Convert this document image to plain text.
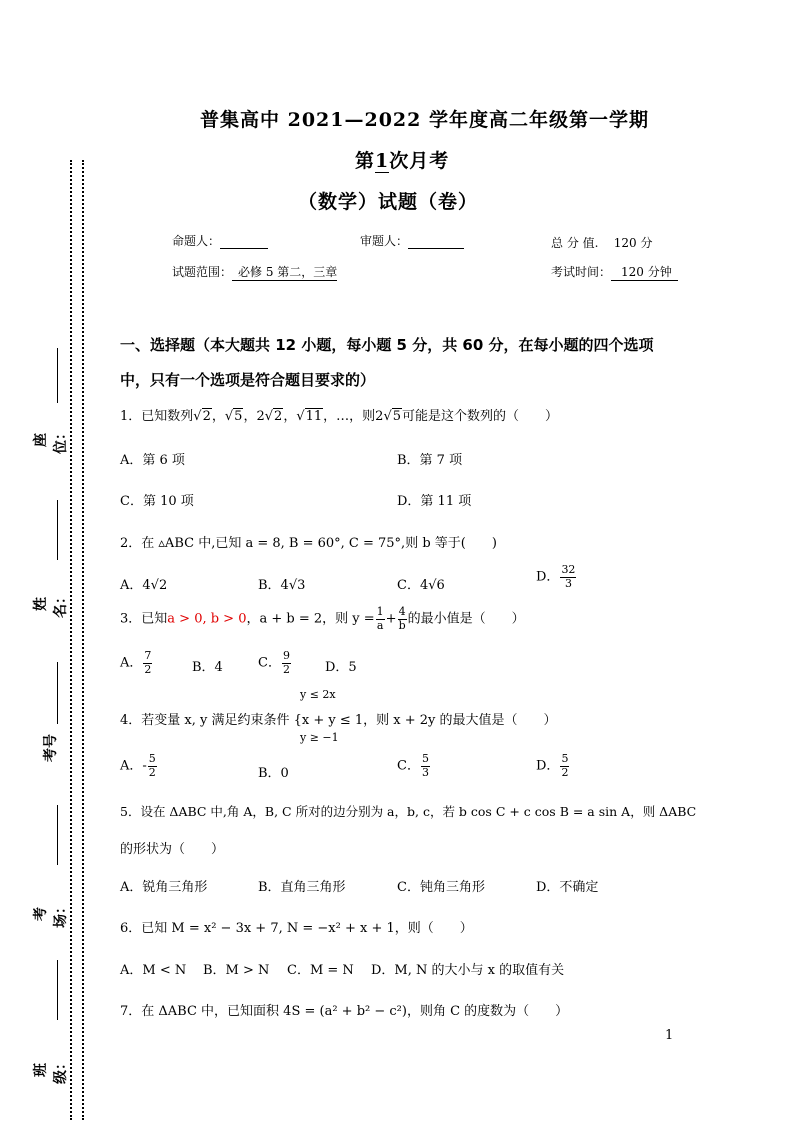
座位：
姓名：
考号
考场：
班级：
普集高中 2021—2022 学年度高二年级第一学期
第1次月考
（数学）试题（卷）
命题人：	审题人：	总 分 值. 120 分
试题范围： 必修 5 第二，三章	考试时间： 120 分钟
一、选择题（本大题共 12 小题，每小题 5 分，共 60 分，在每小题的四个选项
中，只有一个选项是符合题目要求的）
1．已知数列√2，√5，2√2，√11，…，则2√5可能是这个数列的（　　）
A．第 6 项	B．第 7 项
C．第 10 项	D．第 11 项
2．在 ▵ABC 中,已知 a = 8, B = 60°, C = 75°,则 b 等于(　　)
A．4√2	B．4√3	C．4√6
D． $\frac{32}{3}$
3．已知a > 0, b > 0，a + b = 2，则 $y = \frac{1}{a} + \frac{4}{b}$ 的最小值是（　　）
A． $\frac{7}{2}$	B．4	C． $\frac{9}{2}$	D．5
y ≤ 2x
4．若变量 x, y 满足约束条件 {x + y ≤ 1，则 x + 2y 的最大值是（　　）
y ≥ −1
A．- $\frac{5}{2}$	B．0	C． $\frac{5}{3}$	D． $\frac{5}{2}$
5．设在 ΔABC 中,角 A，B, C 所对的边分别为 a，b, c，若 b cos C + c cos B = a sin A，则 ΔABC
的形状为（　　）
A．锐角三角形	B．直角三角形	C．钝角三角形	D．不确定
6．已知 M = x² − 3x + 7, N = −x² + x + 1，则（　　）
A．M < N B．M > N C．M = N D．M, N 的大小与 x 的取值有关
7．在 ΔABC 中，已知面积 4S = (a² + b² − c²)，则角 C 的度数为（　　）
1
